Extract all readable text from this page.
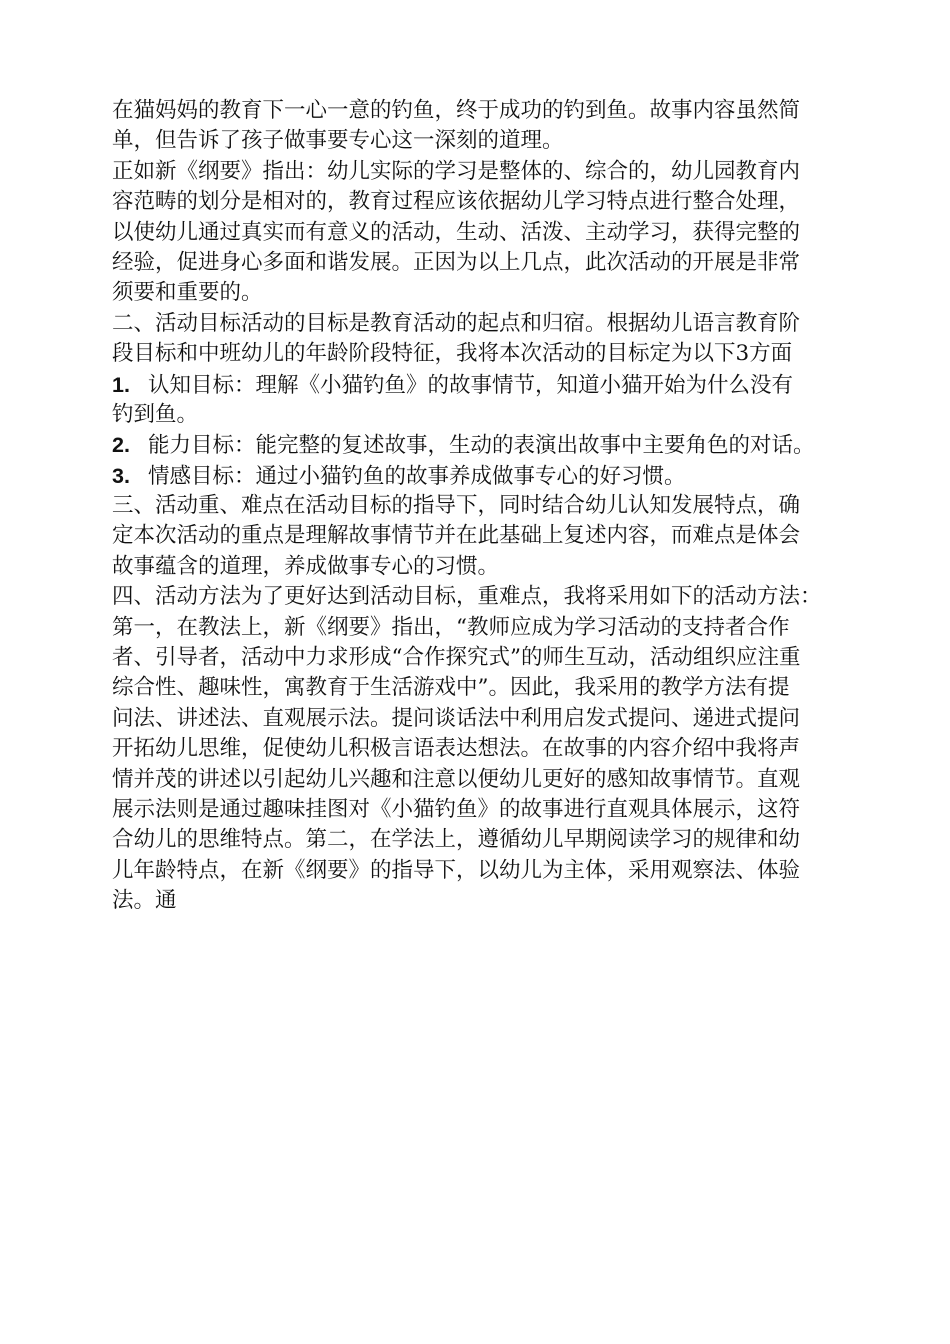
在猫妈妈的教育下一心一意的钓鱼，终于成功的钓到鱼。故事内容虽然简
单，但告诉了孩子做事要专心这一深刻的道理。
正如新《纲要》指出：幼儿实际的学习是整体的、综合的，幼儿园教育内
容范畴的划分是相对的，教育过程应该依据幼儿学习特点进行整合处理，
以使幼儿通过真实而有意义的活动，生动、活泼、主动学习，获得完整的
经验，促进身心多面和谐发展。正因为以上几点，此次活动的开展是非常
须要和重要的。
二、活动目标活动的目标是教育活动的起点和归宿。根据幼儿语言教育阶
段目标和中班幼儿的年龄阶段特征，我将本次活动的目标定为以下3方面
1. 认知目标：理解《小猫钓鱼》的故事情节，知道小猫开始为什么没有
钓到鱼。
2. 能力目标：能完整的复述故事，生动的表演出故事中主要角色的对话。
3. 情感目标：通过小猫钓鱼的故事养成做事专心的好习惯。
三、活动重、难点在活动目标的指导下，同时结合幼儿认知发展特点，确
定本次活动的重点是理解故事情节并在此基础上复述内容，而难点是体会
故事蕴含的道理，养成做事专心的习惯。
四、活动方法为了更好达到活动目标，重难点，我将采用如下的活动方法：
第一，在教法上，新《纲要》指出，“教师应成为学习活动的支持者合作
者、引导者，活动中力求形成“合作探究式”的师生互动，活动组织应注重
综合性、趣味性，寓教育于生活游戏中”。因此，我采用的教学方法有提
问法、讲述法、直观展示法。提问谈话法中利用启发式提问、递进式提问
开拓幼儿思维，促使幼儿积极言语表达想法。在故事的内容介绍中我将声
情并茂的讲述以引起幼儿兴趣和注意以便幼儿更好的感知故事情节。直观
展示法则是通过趣味挂图对《小猫钓鱼》的故事进行直观具体展示，这符
合幼儿的思维特点。第二，在学法上，遵循幼儿早期阅读学习的规律和幼
儿年龄特点，在新《纲要》的指导下，以幼儿为主体，采用观察法、体验
法。通
